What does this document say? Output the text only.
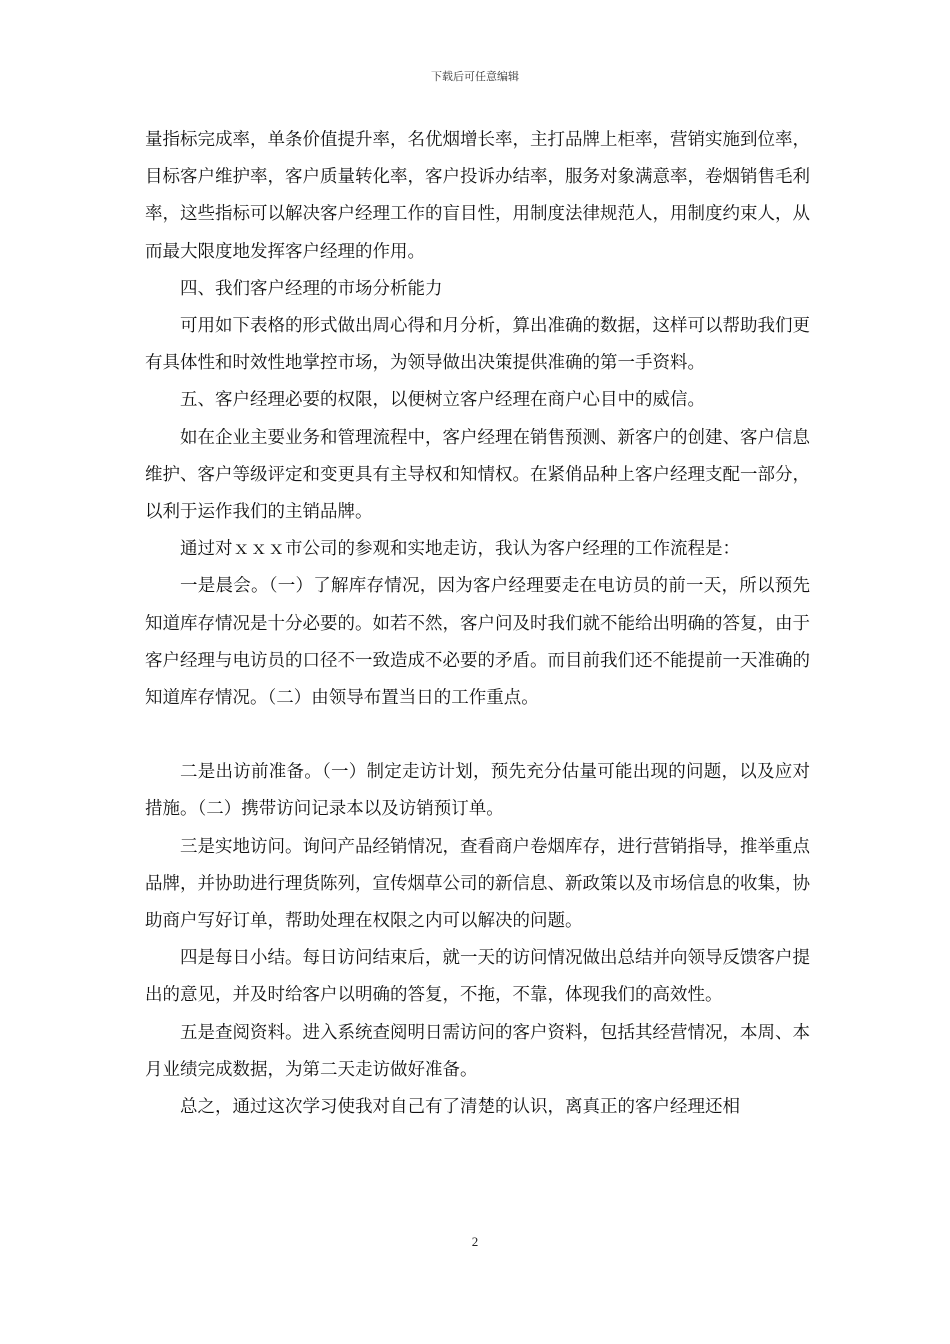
下载后可任意编辑

量指标完成率，单条价值提升率，名优烟增长率，主打品牌上柜率，营销实施到位率，目标客户维护率，客户质量转化率，客户投诉办结率，服务对象满意率，卷烟销售毛利率，这些指标可以解决客户经理工作的盲目性，用制度法律规范人，用制度约束人，从而最大限度地发挥客户经理的作用。

四、我们客户经理的市场分析能力

可用如下表格的形式做出周心得和月分析，算出准确的数据，这样可以帮助我们更有具体性和时效性地掌控市场，为领导做出决策提供准确的第一手资料。

五、客户经理必要的权限，以便树立客户经理在商户心目中的威信。

如在企业主要业务和管理流程中，客户经理在销售预测、新客户的创建、客户信息维护、客户等级评定和变更具有主导权和知情权。在紧俏品种上客户经理支配一部分，以利于运作我们的主销品牌。

通过对ｘｘｘ市公司的参观和实地走访，我认为客户经理的工作流程是：

一是晨会。（一）了解库存情况，因为客户经理要走在电访员的前一天，所以预先知道库存情况是十分必要的。如若不然，客户问及时我们就不能给出明确的答复，由于客户经理与电访员的口径不一致造成不必要的矛盾。而目前我们还不能提前一天准确的知道库存情况。（二）由领导布置当日的工作重点。

二是出访前准备。（一）制定走访计划，预先充分估量可能出现的问题，以及应对措施。（二）携带访问记录本以及访销预订单。

三是实地访问。询问产品经销情况，查看商户卷烟库存，进行营销指导，推举重点品牌，并协助进行理货陈列，宣传烟草公司的新信息、新政策以及市场信息的收集，协助商户写好订单，帮助处理在权限之内可以解决的问题。

四是每日小结。每日访问结束后，就一天的访问情况做出总结并向领导反馈客户提出的意见，并及时给客户以明确的答复，不拖，不靠，体现我们的高效性。

五是查阅资料。进入系统查阅明日需访问的客户资料，包括其经营情况，本周、本月业绩完成数据，为第二天走访做好准备。

总之，通过这次学习使我对自己有了清楚的认识，离真正的客户经理还相

2
